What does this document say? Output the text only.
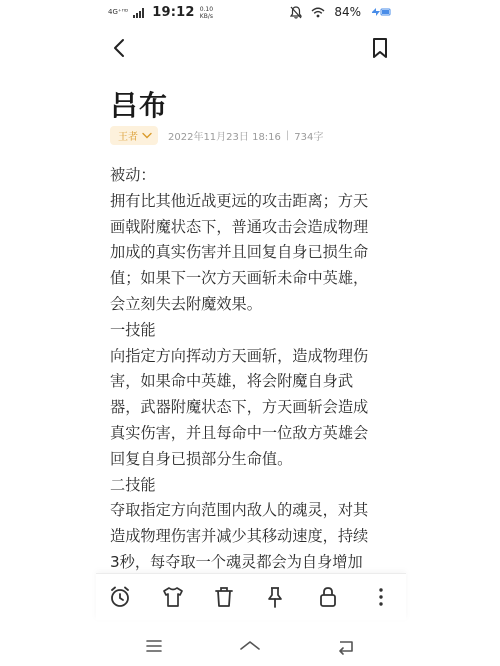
4G⁺ᴴᴰ 19:12 0.10
KB/s	84%
吕布
王者	2022年11月23日 18:16 | 734字
被动：
拥有比其他近战更远的攻击距离；方天
画戟附魔状态下，普通攻击会造成物理
加成的真实伤害并且回复自身已损生命
值；如果下一次方天画斩未命中英雄，
会立刻失去附魔效果。
一技能
向指定方向挥动方天画斩，造成物理伤
害，如果命中英雄，将会附魔自身武
器，武器附魔状态下，方天画斩会造成
真实伤害，并且每命中一位敌方英雄会
回复自身已损部分生命值。
二技能
夺取指定方向范围内敌人的魂灵，对其
造成物理伤害并减少其移动速度，持续
3秒，每夺取一个魂灵都会为自身增加
